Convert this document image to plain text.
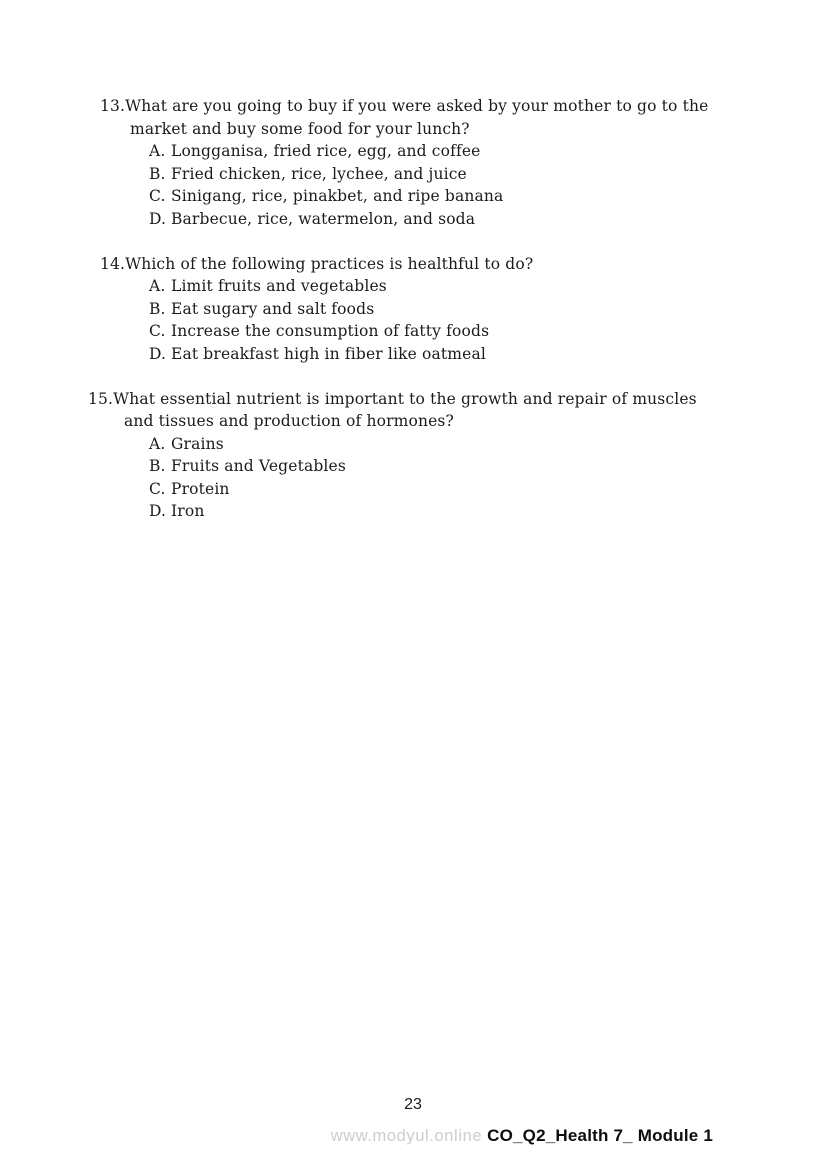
13. What are you going to buy if you were asked by your mother to go to the
market and buy some food for your lunch?
A. Longganisa, fried rice, egg, and coffee
B. Fried chicken, rice, lychee, and juice
C. Sinigang, rice, pinakbet, and ripe banana
D. Barbecue, rice, watermelon, and soda
14. Which of the following practices is healthful to do?
A. Limit fruits and vegetables
B. Eat sugary and salt foods
C. Increase the consumption of fatty foods
D. Eat breakfast high in fiber like oatmeal
15. What essential nutrient is important to the growth and repair of muscles
and tissues and production of hormones?
A. Grains
B. Fruits and Vegetables
C. Protein
D. Iron
23
www.modyul.online CO_Q2_Health 7_ Module 1
